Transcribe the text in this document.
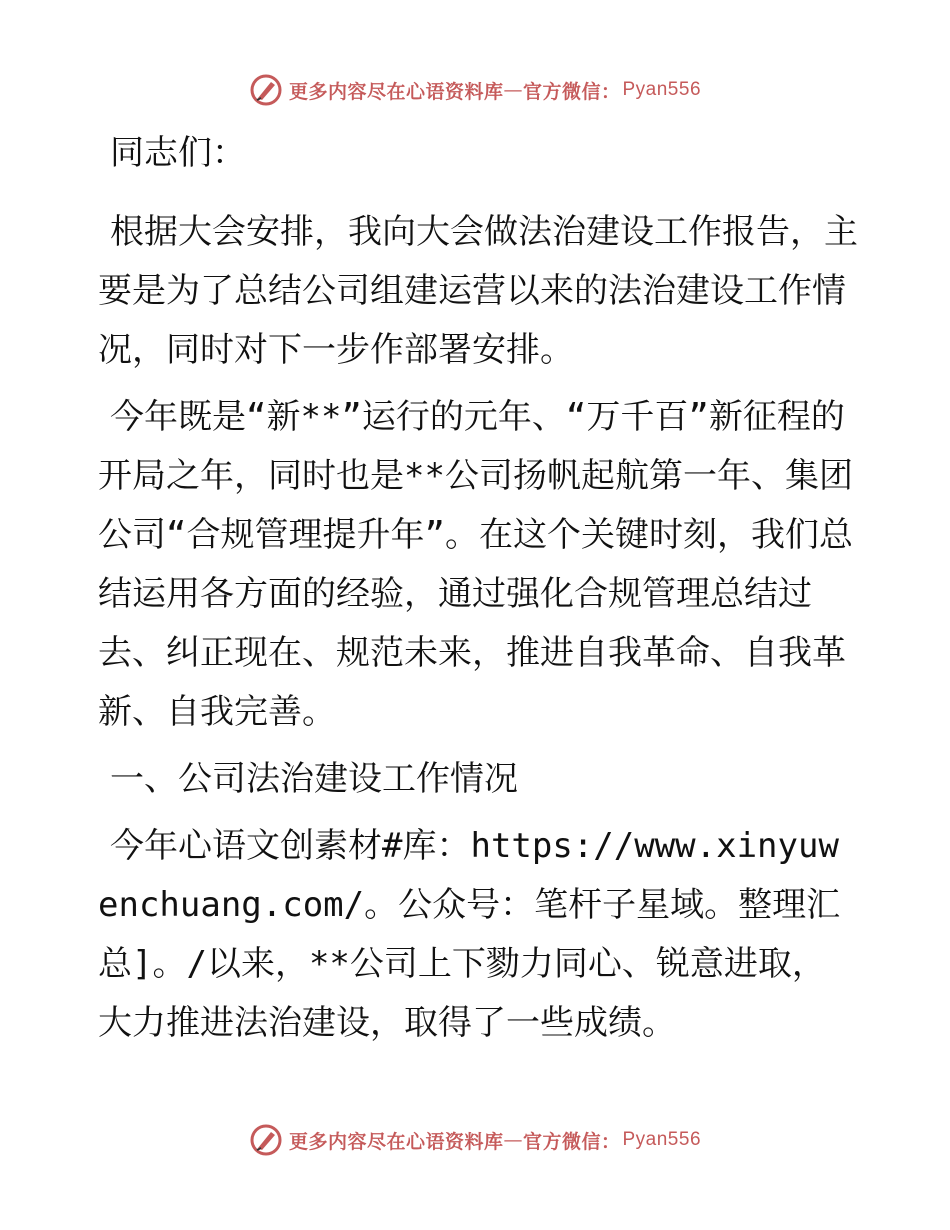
更多内容尽在心语资料库 — 官方微信： Pyan556

同志们：

根据大会安排，我向大会做法治建设工作报告，主要是为了总结公司组建运营以来的法治建设工作情况，同时对下一步作部署安排。

今年既是“新**”运行的元年、“万千百”新征程的开局之年，同时也是**公司扬帆起航第一年、集团公司“合规管理提升年”。在这个关键时刻，我们总结运用各方面的经验，通过强化合规管理总结过去、纠正现在、规范未来，推进自我革命、自我革新、自我完善。

一、公司法治建设工作情况

今年心语文创素材#库：https://www.xinyuwenchuang.com/。公众号：笔杆子星域。整理汇总]。/以来，**公司上下勠力同心、锐意进取，大力推进法治建设，取得了一些成绩。

更多内容尽在心语资料库 — 官方微信： Pyan556
